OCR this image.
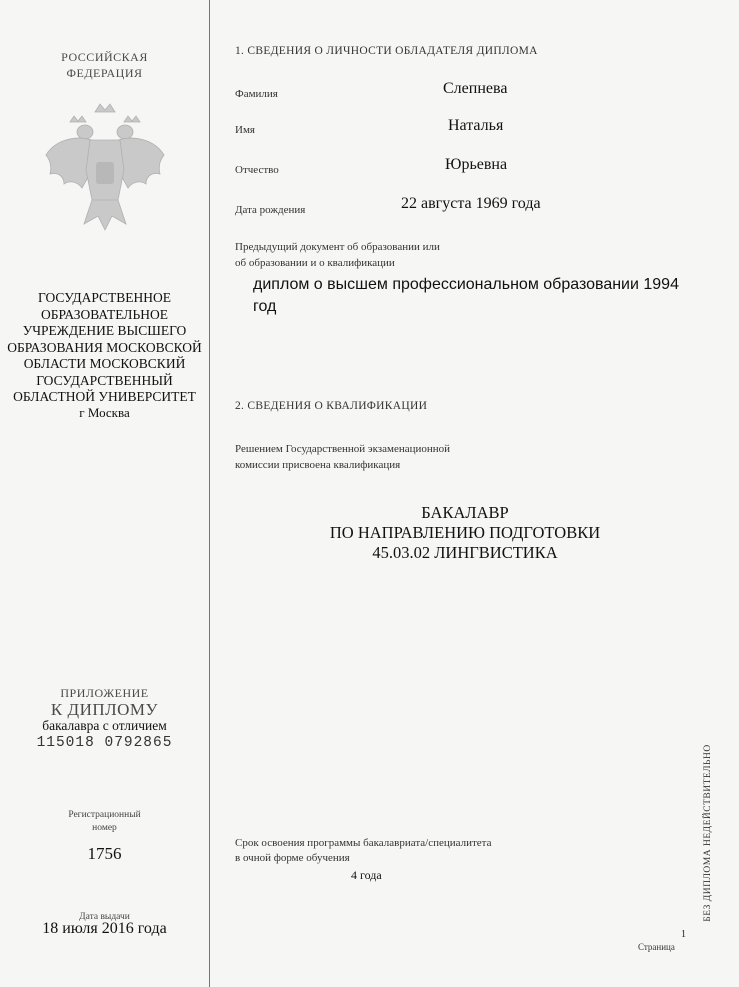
РОССИЙСКАЯ
ФЕДЕРАЦИЯ
ГОСУДАРСТВЕННОЕ
ОБРАЗОВАТЕЛЬНОЕ
УЧРЕЖДЕНИЕ ВЫСШЕГО
ОБРАЗОВАНИЯ МОСКОВСКОЙ
ОБЛАСТИ МОСКОВСКИЙ
ГОСУДАРСТВЕННЫЙ
ОБЛАСТНОЙ УНИВЕРСИТЕТ
г Москва
ПРИЛОЖЕНИЕ
К ДИПЛОМУ
бакалавра с отличием
115018 0792865
Регистрационный
номер
1756
Дата выдачи
18 июля 2016 года
1. СВЕДЕНИЯ О ЛИЧНОСТИ ОБЛАДАТЕЛЯ ДИПЛОМА
Фамилия	Слепнева
Имя	Наталья
Отчество	Юрьевна
Дата рождения	22 августа 1969 года
Предыдущий документ об образовании или
об образовании и о квалификации
диплом о высшем профессиональном образовании 1994
год
2. СВЕДЕНИЯ О КВАЛИФИКАЦИИ
Решением Государственной экзаменационной
комиссии присвоена квалификация
БАКАЛАВР
ПО НАПРАВЛЕНИЮ ПОДГОТОВКИ
45.03.02 ЛИНГВИСТИКА
Срок освоения программы бакалавриата/специалитета
в очной форме обучения
4 года	БЕЗ ДИПЛОМА НЕДЕЙСТВИТЕЛЬНО
1
Страница
